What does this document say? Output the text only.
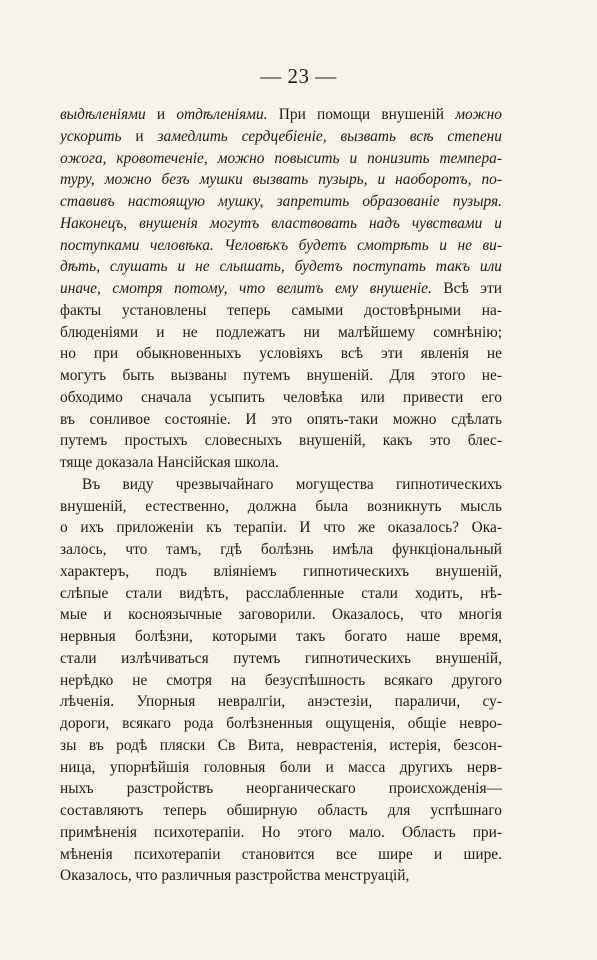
— 23 —
выдѣленiями и отдѣленiями. При помощи внушенiй можно
ускорить и замедлить сердцебiенiе, вызвать всѣ степени
ожога, кровотеченiе, можно повысить и понизить темпера-
туру, можно безъ мушки вызвать пузырь, и наоборотъ, по-
ставивъ настоящую мушку, запретить образованiе пузыря.
Наконецъ, внушенiя могутъ властвовать надъ чувствами и
поступками человѣка. Человѣкъ будетъ смотрѣть и не ви-
дѣть, слушать и не слышать, будетъ поступать такъ или
иначе, смотря потому, что велитъ ему внушенiе. Всѣ эти
факты установлены теперь самыми достовѣрными на-
блюденiями и не подлежатъ ни малѣйшему сомнѣнiю;
но при обыкновенныхъ условiяхъ всѣ эти явленiя не
могутъ быть вызваны путемъ внушенiй. Для этого не-
обходимо сначала усыпить человѣка или привести его
въ сонливое состоянiе. И это опять-таки можно сдѣлать
путемъ простыхъ словесныхъ внушенiй, какъ это блес-
тяще доказала Нансiйская школа.
Въ виду чрезвычайнаго могущества гипнотическихъ
внушенiй, естественно, должна была возникнуть мысль
о ихъ приложенiи къ терапiи. И что же оказалось? Ока-
залось, что тамъ, гдѣ болѣзнь имѣла функцiональный
характеръ, подъ влiянiемъ гипнотическихъ внушенiй,
слѣпые стали видѣть, расслабленные стали ходить, нѣ-
мые и косноязычные заговорили. Оказалось, что многiя
нервныя болѣзни, которыми такъ богато наше время,
стали излѣчиваться путемъ гипнотическихъ внушенiй,
нерѣдко не смотря на безуспѣшность всякаго другого
лѣченiя. Упорныя невралгiи, анэстезiи, параличи, су-
дороги, всякаго рода болѣзненныя ощущенiя, общiе невро-
зы въ родѣ пляски Св Вита, неврастенiя, истерiя, безсон-
ница, упорнѣйшiя головныя боли и масса другихъ нерв-
ныхъ разстройствъ неорганическаго происхожденiя—
составляютъ теперь обширную область для успѣшнаго
примѣненiя психотерапiи. Но этого мало. Область при-
мѣненiя психотерапiи становится все шире и шире.
Оказалось, что различныя разстройства менструацiй,
